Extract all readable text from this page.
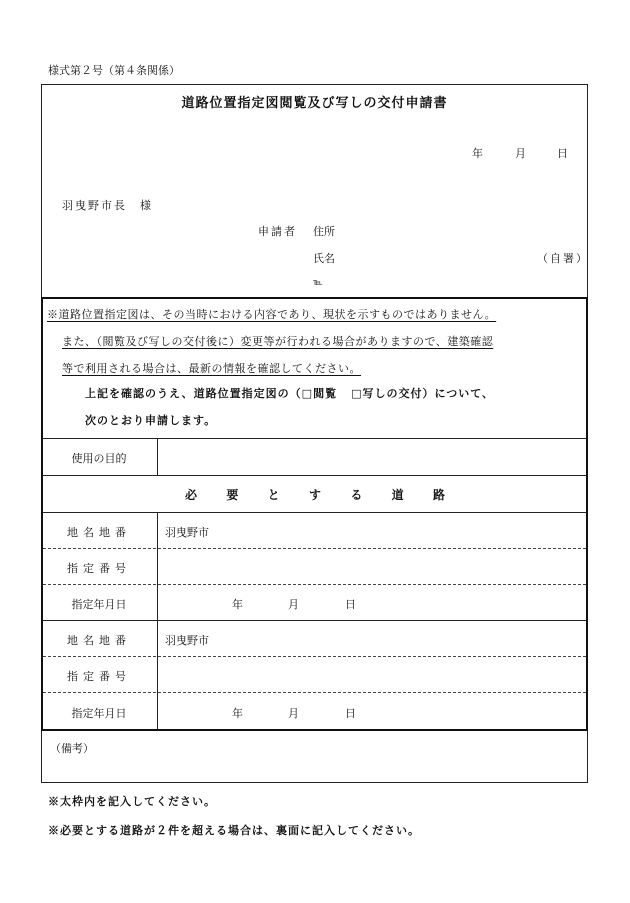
様式第２号（第４条関係）
道路位置指定図閲覧及び写しの交付申請書
年	月	日
羽曳野市長　様
申請者 住所
氏名	（自署）
℡
※道路位置指定図は、その当時における内容であり、現状を示すものではありません。
また、（閲覧及び写しの交付後に）変更等が行われる場合がありますので、建築確認
等で利用される場合は、最新の情報を確認してください。
上記を確認のうえ、道路位置指定図の（□閲覧 □写しの交付）について、
次のとおり申請します。
使用の目的
必 要 と す る 道 路
地名地番	羽曳野市
指定番号
指定年月日	年	月	日
地名地番	羽曳野市
指定番号
指定年月日	年	月	日
（備考）
※太枠内を記入してください。
※必要とする道路が２件を超える場合は、裏面に記入してください。
